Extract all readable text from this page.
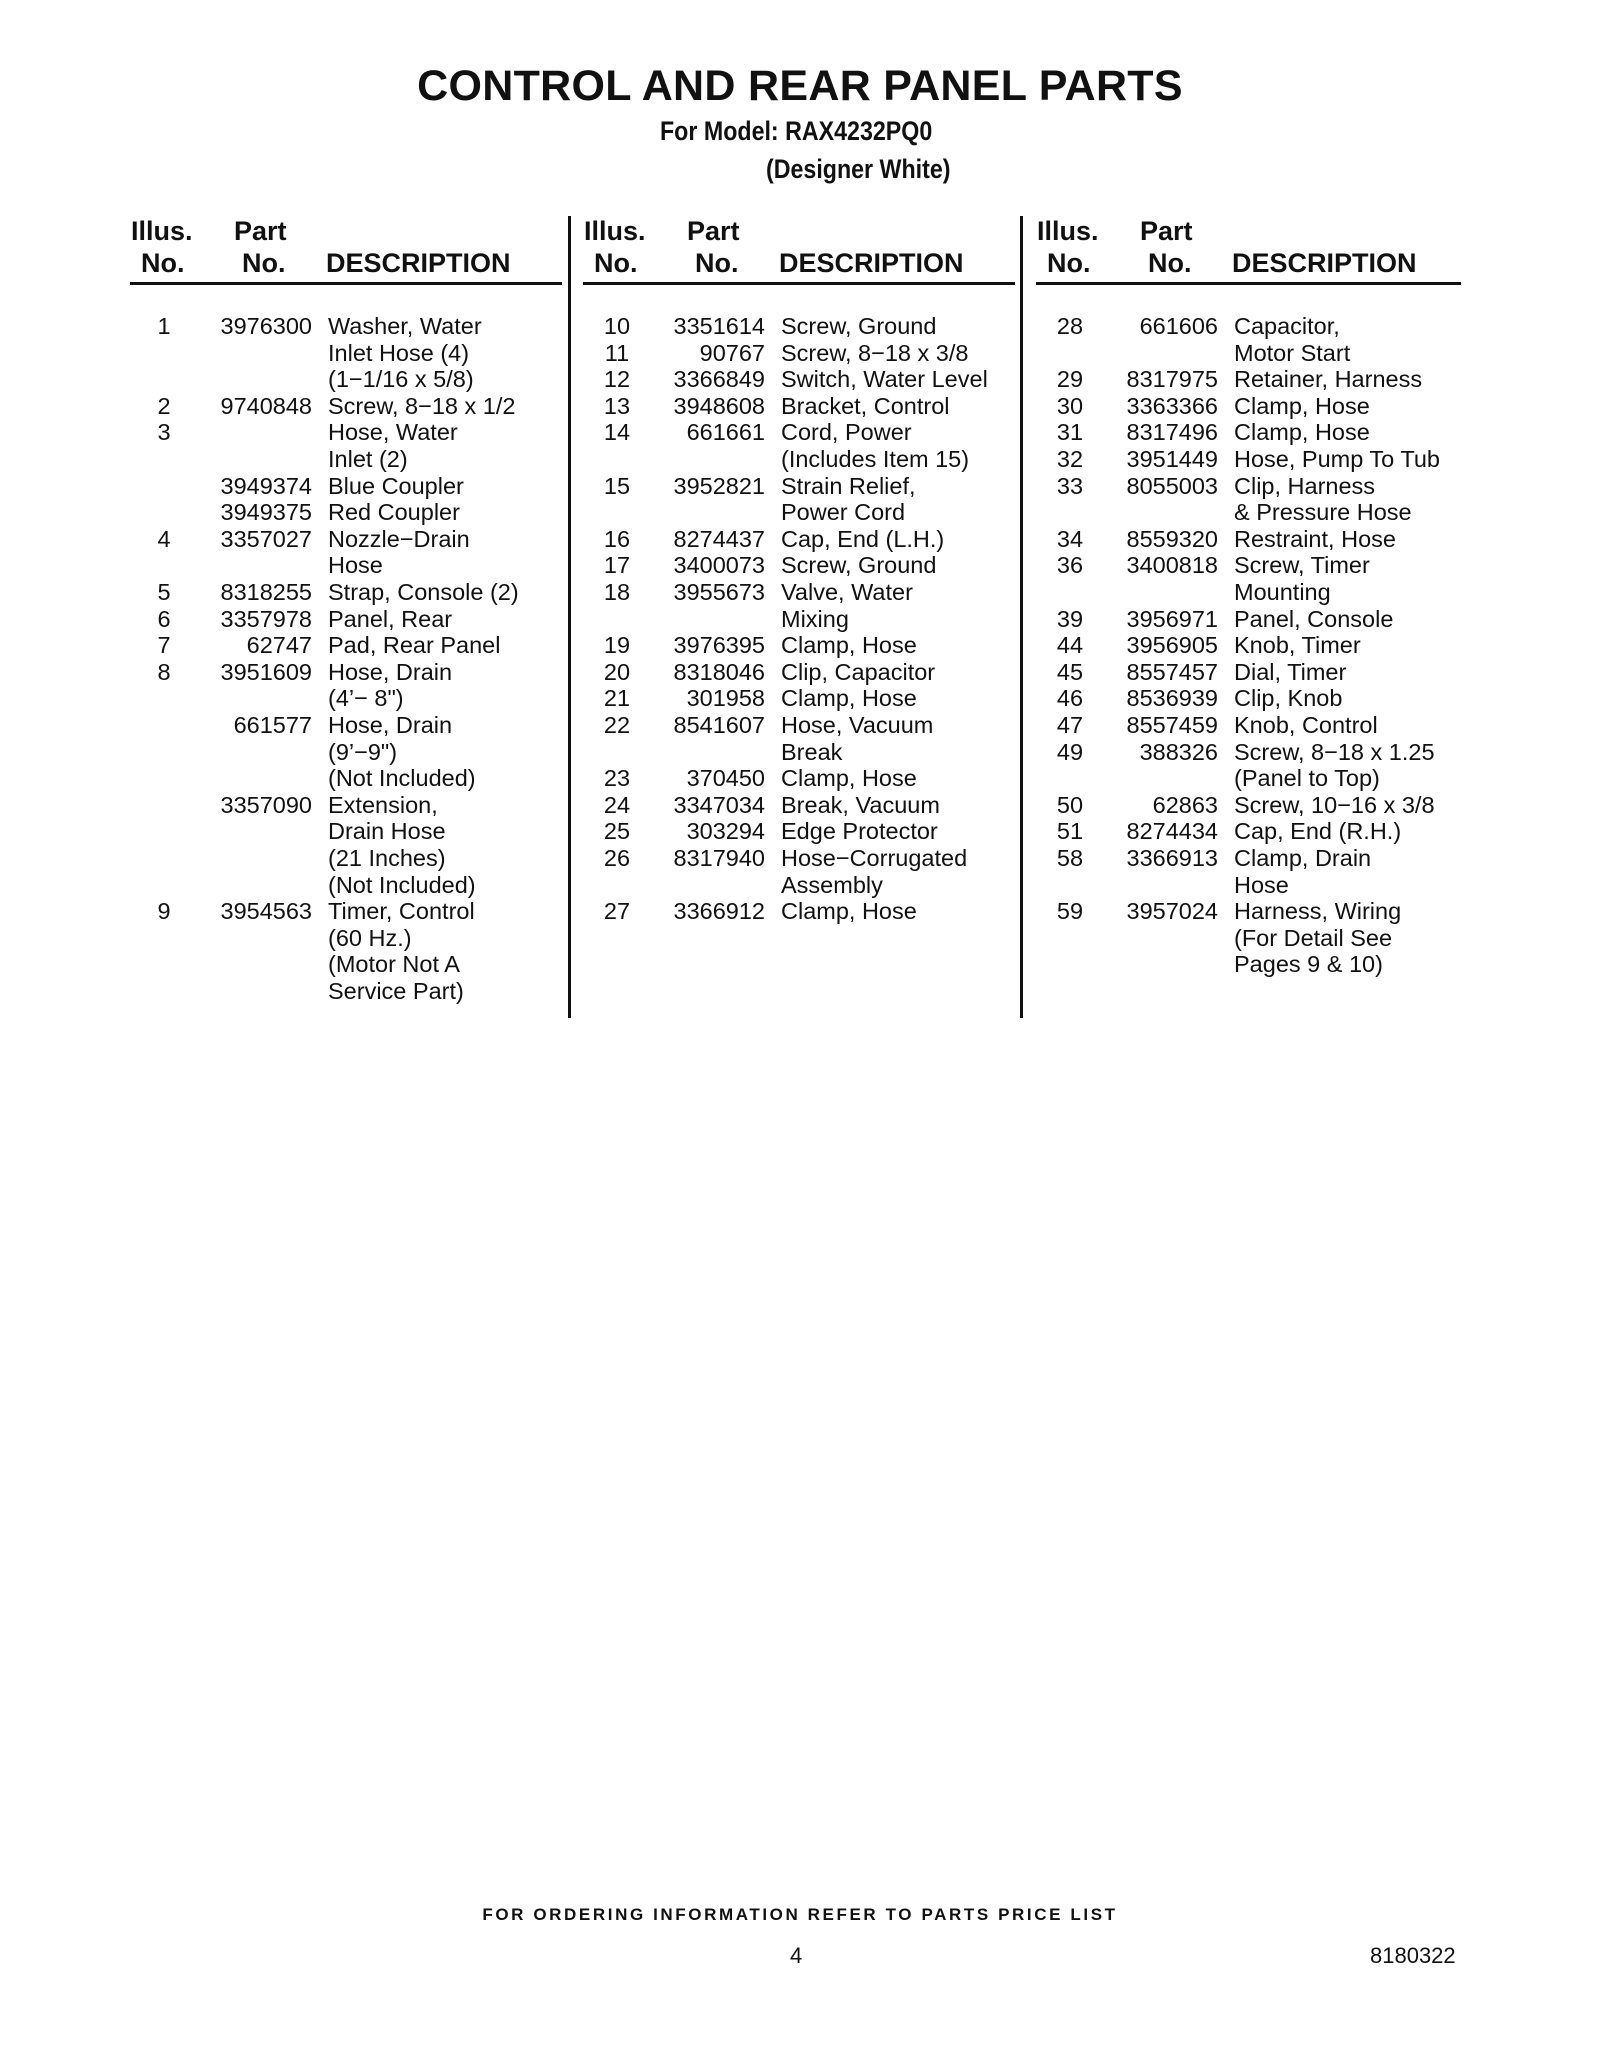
CONTROL AND REAR PANEL PARTS
For Model: RAX4232PQ0
(Designer White)
Illus.
No.
Part
No. DESCRIPTION
Illus.
No.
Part
No. DESCRIPTION
Illus.
No.
Part
No. DESCRIPTION
1	3976300 Washer, Water
Inlet Hose (4)
(1−1/16 x 5/8)
2	9740848 Screw, 8−18 x 1/2
3	Hose, Water
Inlet (2)
3949374 Blue Coupler
3949375 Red Coupler
4	3357027 Nozzle−Drain
Hose
5	8318255 Strap, Console (2)
6	3357978 Panel, Rear
7	62747 Pad, Rear Panel
8	3951609 Hose, Drain
(4’− 8")
661577 Hose, Drain
(9’−9")
(Not Included)
3357090 Extension,
Drain Hose
(21 Inches)
(Not Included)
9	3954563 Timer, Control
(60 Hz.)
(Motor Not A
Service Part)
10	3351614 Screw, Ground
11	90767 Screw, 8−18 x 3/8
12	3366849 Switch, Water Level
13	3948608 Bracket, Control
14	661661 Cord, Power
(Includes Item 15)
15	3952821 Strain Relief,
Power Cord
16	8274437 Cap, End (L.H.)
17	3400073 Screw, Ground
18	3955673 Valve, Water
Mixing
19	3976395 Clamp, Hose
20	8318046 Clip, Capacitor
21	301958 Clamp, Hose
22	8541607 Hose, Vacuum
Break
23	370450 Clamp, Hose
24	3347034 Break, Vacuum
25	303294 Edge Protector
26	8317940 Hose−Corrugated
Assembly
27	3366912 Clamp, Hose
28	661606 Capacitor,
Motor Start
29	8317975 Retainer, Harness
30	3363366 Clamp, Hose
31	8317496 Clamp, Hose
32	3951449 Hose, Pump To Tub
33	8055003 Clip, Harness
& Pressure Hose
34	8559320 Restraint, Hose
36	3400818 Screw, Timer
Mounting
39	3956971 Panel, Console
44	3956905 Knob, Timer
45	8557457 Dial, Timer
46	8536939 Clip, Knob
47	8557459 Knob, Control
49	388326 Screw, 8−18 x 1.25
(Panel to Top)
50	62863 Screw, 10−16 x 3/8
51	8274434 Cap, End (R.H.)
58	3366913 Clamp, Drain
Hose
59	3957024 Harness, Wiring
(For Detail See
Pages 9 & 10)
FOR ORDERING INFORMATION REFER TO PARTS PRICE LIST
4	8180322
